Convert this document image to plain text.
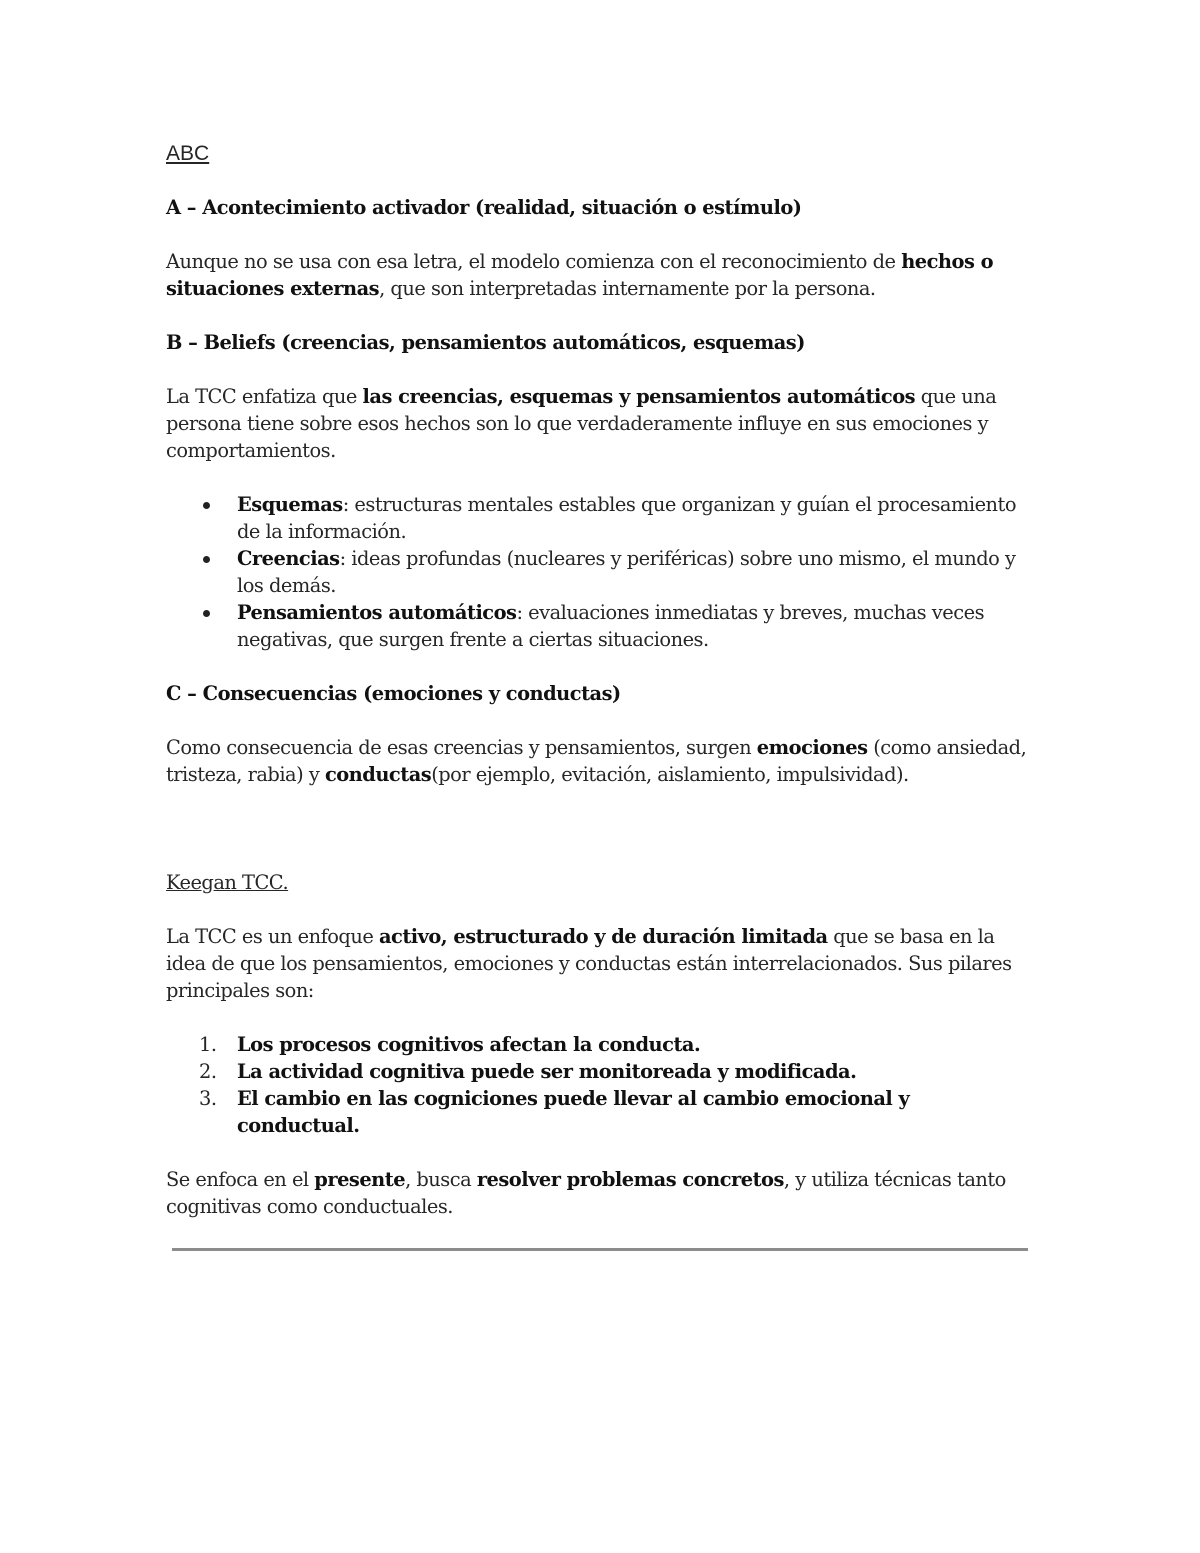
ABC

A – Acontecimiento activador (realidad, situación o estímulo)

Aunque no se usa con esa letra, el modelo comienza con el reconocimiento de hechos o situaciones externas, que son interpretadas internamente por la persona.

B – Beliefs (creencias, pensamientos automáticos, esquemas)

La TCC enfatiza que las creencias, esquemas y pensamientos automáticos que una persona tiene sobre esos hechos son lo que verdaderamente influye en sus emociones y comportamientos.

Esquemas: estructuras mentales estables que organizan y guían el procesamiento de la información.
Creencias: ideas profundas (nucleares y periféricas) sobre uno mismo, el mundo y los demás.
Pensamientos automáticos: evaluaciones inmediatas y breves, muchas veces negativas, que surgen frente a ciertas situaciones.

C – Consecuencias (emociones y conductas)

Como consecuencia de esas creencias y pensamientos, surgen emociones (como ansiedad, tristeza, rabia) y conductas(por ejemplo, evitación, aislamiento, impulsividad).

Keegan TCC.

La TCC es un enfoque activo, estructurado y de duración limitada que se basa en la idea de que los pensamientos, emociones y conductas están interrelacionados. Sus pilares principales son:

1. Los procesos cognitivos afectan la conducta.
2. La actividad cognitiva puede ser monitoreada y modificada.
3. El cambio en las cogniciones puede llevar al cambio emocional y conductual.

Se enfoca en el presente, busca resolver problemas concretos, y utiliza técnicas tanto cognitivas como conductuales.
